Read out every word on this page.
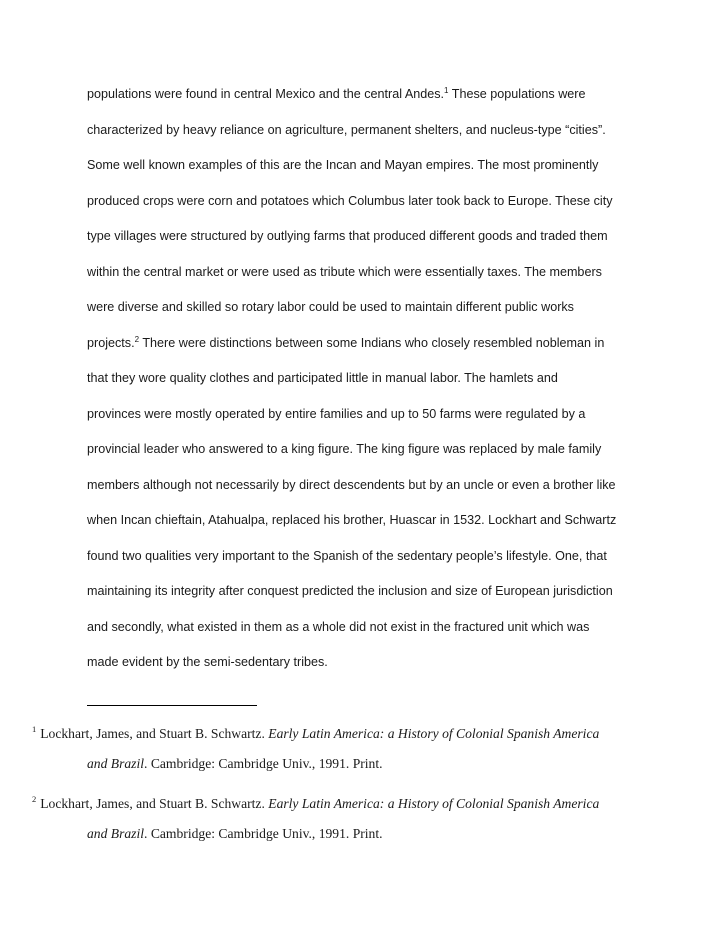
populations were found in central Mexico and the central Andes.$^1$ These populations were
characterized by heavy reliance on agriculture, permanent shelters, and nucleus-type “cities”.
Some well known examples of this are the Incan and Mayan empires. The most prominently
produced crops were corn and potatoes which Columbus later took back to Europe. These city
type villages were structured by outlying farms that produced different goods and traded them
within the central market or were used as tribute which were essentially taxes. The members
were diverse and skilled so rotary labor could be used to maintain different public works
projects.$^2$ There were distinctions between some Indians who closely resembled nobleman in
that they wore quality clothes and participated little in manual labor. The hamlets and
provinces were mostly operated by entire families and up to 50 farms were regulated by a
provincial leader who answered to a king figure. The king figure was replaced by male family
members although not necessarily by direct descendents but by an uncle or even a brother like
when Incan chieftain, Atahualpa, replaced his brother, Huascar in 1532. Lockhart and Schwartz
found two qualities very important to the Spanish of the sedentary people’s lifestyle. One, that
maintaining its integrity after conquest predicted the inclusion and size of European jurisdiction
and secondly, what existed in them as a whole did not exist in the fractured unit which was
made evident by the semi-sedentary tribes.
$^1$ Lockhart, James, and Stuart B. Schwartz. Early Latin America: a History of Colonial Spanish America
and Brazil. Cambridge: Cambridge Univ., 1991. Print.
$^2$ Lockhart, James, and Stuart B. Schwartz. Early Latin America: a History of Colonial Spanish America
and Brazil. Cambridge: Cambridge Univ., 1991. Print.
